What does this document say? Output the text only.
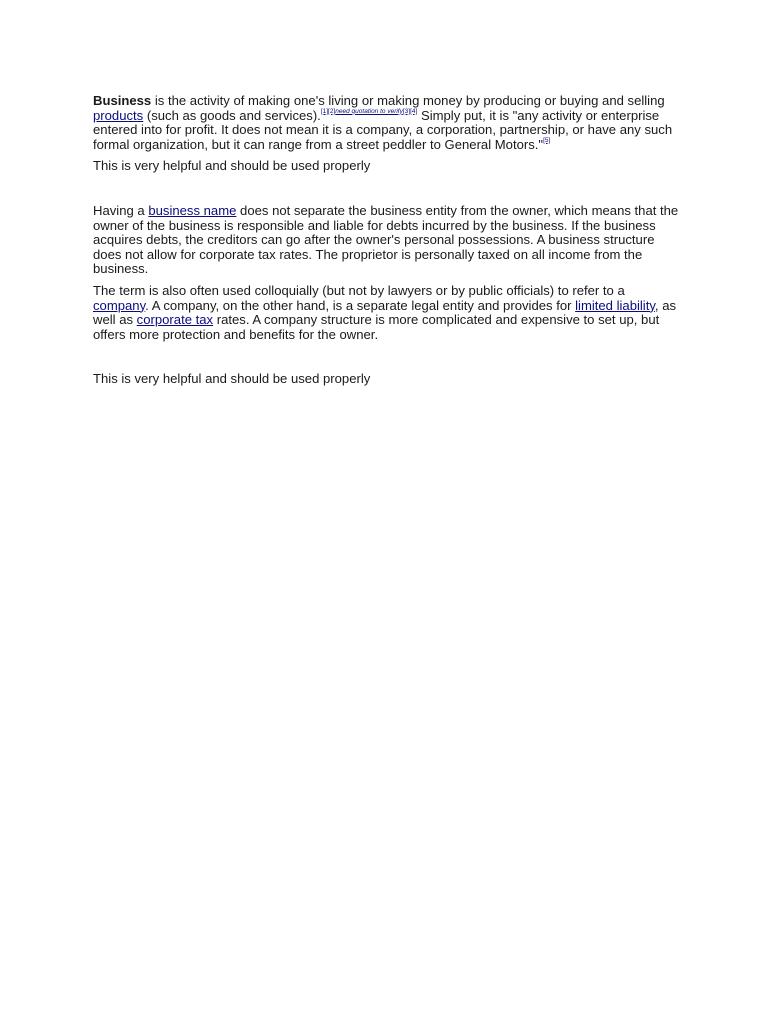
Business is the activity of making one's living or making money by producing or buying and selling products (such as goods and services).[1][2]need quotation to verify[3][4] Simply put, it is "any activity or enterprise entered into for profit. It does not mean it is a company, a corporation, partnership, or have any such formal organization, but it can range from a street peddler to General Motors."[5]

This is very helpful and should be used properly

Having a business name does not separate the business entity from the owner, which means that the owner of the business is responsible and liable for debts incurred by the business. If the business acquires debts, the creditors can go after the owner's personal possessions. A business structure does not allow for corporate tax rates. The proprietor is personally taxed on all income from the business.

The term is also often used colloquially (but not by lawyers or by public officials) to refer to a company. A company, on the other hand, is a separate legal entity and provides for limited liability, as well as corporate tax rates. A company structure is more complicated and expensive to set up, but offers more protection and benefits for the owner.

This is very helpful and should be used properly
